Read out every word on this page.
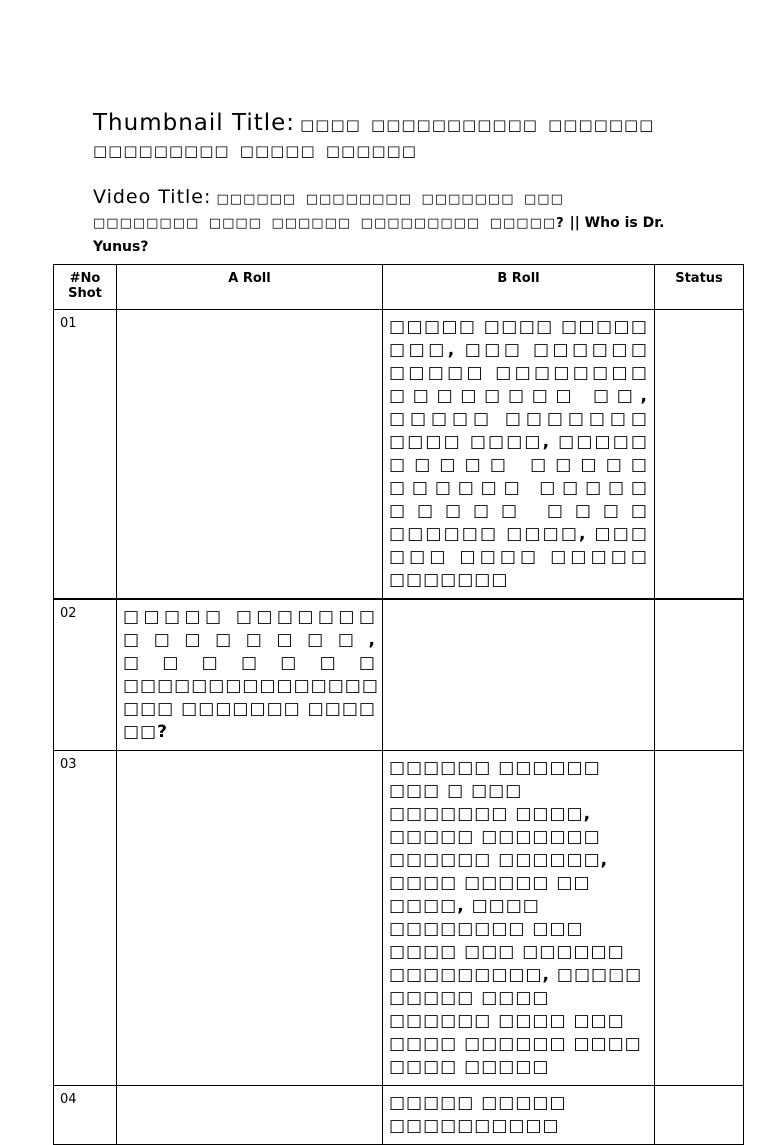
Thumbnail Title: □□□□ □□□□□□□□□□□ □□□□□□□ □□□□□□□□□ □□□□□ □□□□□□
Video Title: □□□□□□ □□□□□□□□ □□□□□□□ □□□ □□□□□□□□ □□□□ □□□□□□ □□□□□□□□□ □□□□□? || Who is Dr. Yunus?
#No Shot	A Roll	B Roll	Status
01		□□□□□ □□□□ □□□□□ □□□, □□□ □□□□□□ □□□□□ □□□□□□□□ □□□□□□□□ □□, □□□□□ □□□□□□□ □□□□ □□□□, □□□□□ □□□□□ □□□□□ □□□□□□ □□□□□ □□□□□ □□□□ □□□□□□ □□□□, □□□ □□□ □□□□ □□□□□ □□□□□□□	
02	□□□□□ □□□□□□□ □□□□□□□□, □□□□□□□ □□□□□□□□□□□□□□□ □□□ □□□□□□□ □□□□ □□?		
03		□□□□□□ □□□□□□ □□□ □ □□□ □□□□□□□ □□□□, □□□□□ □□□□□□□ □□□□□□ □□□□□□, □□□□ □□□□□ □□ □□□□, □□□□ □□□□□□□□ □□□ □□□□ □□□ □□□□□□ □□□□□□□□□, □□□□□ □□□□□ □□□□ □□□□□□ □□□□ □□□ □□□□ □□□□□□ □□□□ □□□□ □□□□□	
04		□□□□□ □□□□□ □□□□□□□□□□	
